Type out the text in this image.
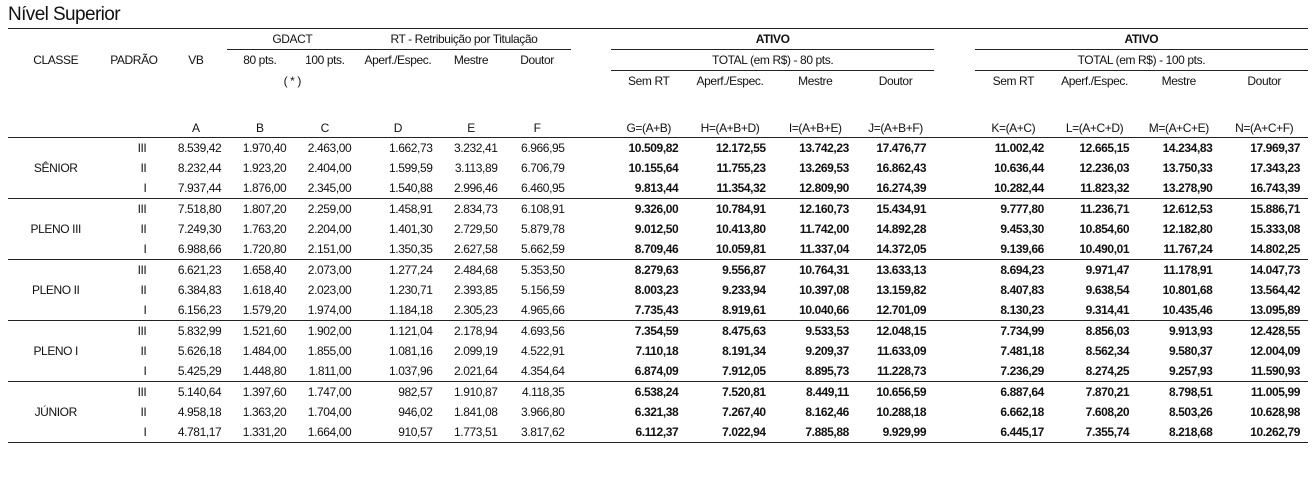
Nível Superior
			GDACT		RT - Retribuição por Titulação				ATIVO					ATIVO			
CLASSE	PADRÃO	VB	80 pts.	100 pts.	Aperf./Espec.	Mestre	Doutor		TOTAL (em R$) - 80 pts.					TOTAL (em R$) - 100 pts.			
			( * )						Sem RT	Aperf./Espec.	Mestre	Doutor		Sem RT	Aperf./Espec.	Mestre	Doutor

		A	B	C	D	E	F		G=(A+B)	H=(A+B+D)	I=(A+B+E)	J=(A+B+F)		K=(A+C)	L=(A+C+D)	M=(A+C+E)	N=(A+C+F)
	III	8.539,42	1.970,40	2.463,00	1.662,73	3.232,41	6.966,95		10.509,82	12.172,55	13.742,23	17.476,77		11.002,42	12.665,15	14.234,83	17.969,37
SÊNIOR	II	8.232,44	1.923,20	2.404,00	1.599,59	3.113,89	6.706,79		10.155,64	11.755,23	13.269,53	16.862,43		10.636,44	12.236,03	13.750,33	17.343,23
	I	7.937,44	1.876,00	2.345,00	1.540,88	2.996,46	6.460,95		9.813,44	11.354,32	12.809,90	16.274,39		10.282,44	11.823,32	13.278,90	16.743,39
	III	7.518,80	1.807,20	2.259,00	1.458,91	2.834,73	6.108,91		9.326,00	10.784,91	12.160,73	15.434,91		9.777,80	11.236,71	12.612,53	15.886,71
PLENO III	II	7.249,30	1.763,20	2.204,00	1.401,30	2.729,50	5.879,78		9.012,50	10.413,80	11.742,00	14.892,28		9.453,30	10.854,60	12.182,80	15.333,08
	I	6.988,66	1.720,80	2.151,00	1.350,35	2.627,58	5.662,59		8.709,46	10.059,81	11.337,04	14.372,05		9.139,66	10.490,01	11.767,24	14.802,25
	III	6.621,23	1.658,40	2.073,00	1.277,24	2.484,68	5.353,50		8.279,63	9.556,87	10.764,31	13.633,13		8.694,23	9.971,47	11.178,91	14.047,73
PLENO II	II	6.384,83	1.618,40	2.023,00	1.230,71	2.393,85	5.156,59		8.003,23	9.233,94	10.397,08	13.159,82		8.407,83	9.638,54	10.801,68	13.564,42
	I	6.156,23	1.579,20	1.974,00	1.184,18	2.305,23	4.965,66		7.735,43	8.919,61	10.040,66	12.701,09		8.130,23	9.314,41	10.435,46	13.095,89
	III	5.832,99	1.521,60	1.902,00	1.121,04	2.178,94	4.693,56		7.354,59	8.475,63	9.533,53	12.048,15		7.734,99	8.856,03	9.913,93	12.428,55
PLENO I	II	5.626,18	1.484,00	1.855,00	1.081,16	2.099,19	4.522,91		7.110,18	8.191,34	9.209,37	11.633,09		7.481,18	8.562,34	9.580,37	12.004,09
	I	5.425,29	1.448,80	1.811,00	1.037,96	2.021,64	4.354,64		6.874,09	7.912,05	8.895,73	11.228,73		7.236,29	8.274,25	9.257,93	11.590,93
	III	5.140,64	1.397,60	1.747,00	982,57	1.910,87	4.118,35		6.538,24	7.520,81	8.449,11	10.656,59		6.887,64	7.870,21	8.798,51	11.005,99
JÚNIOR	II	4.958,18	1.363,20	1.704,00	946,02	1.841,08	3.966,80		6.321,38	7.267,40	8.162,46	10.288,18		6.662,18	7.608,20	8.503,26	10.628,98
	I	4.781,17	1.331,20	1.664,00	910,57	1.773,51	3.817,62		6.112,37	7.022,94	7.885,88	9.929,99		6.445,17	7.355,74	8.218,68	10.262,79
